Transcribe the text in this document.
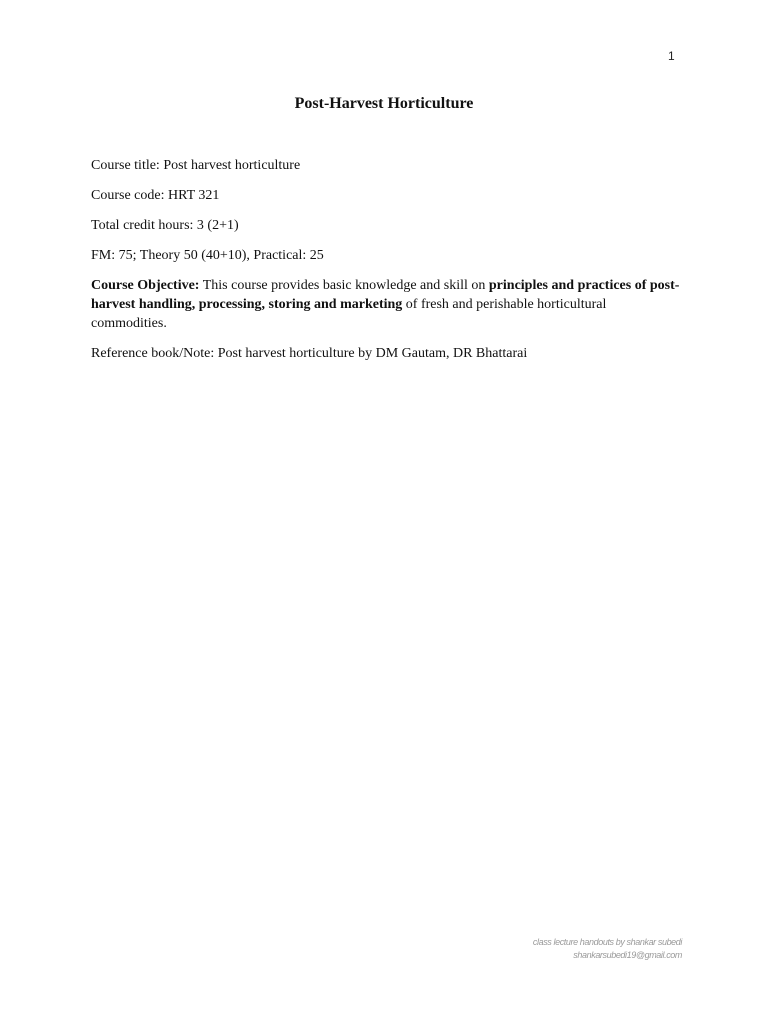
1
Post-Harvest Horticulture

Course title: Post harvest horticulture

Course code: HRT 321

Total credit hours: 3 (2+1)

FM: 75; Theory 50 (40+10), Practical: 25

Course Objective: This course provides basic knowledge and skill on principles and practices of post-harvest handling, processing, storing and marketing of fresh and perishable horticultural commodities.

Reference book/Note: Post harvest horticulture by DM Gautam, DR Bhattarai

class lecture handouts by shankar subedi
shankarsubedi19@gmail.com
